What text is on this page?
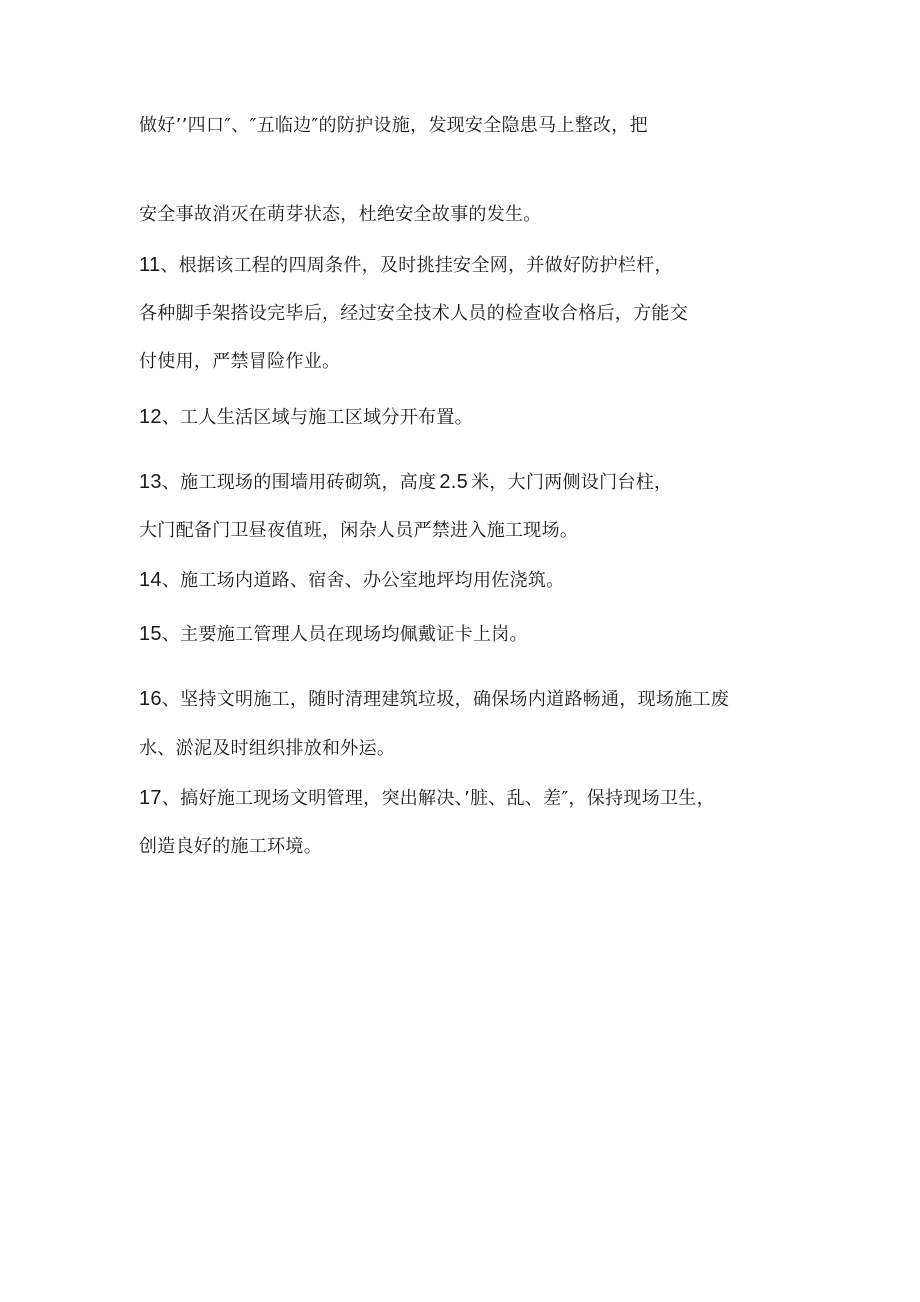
做好’’四口″、″五临边″的防护设施，发现安全隐患马上整改，把
安全事故消灭在萌芽状态，杜绝安全故事的发生。
11、根据该工程的四周条件，及时挑挂安全网，并做好防护栏杆，
各种脚手架搭设完毕后，经过安全技术人员的检查收合格后，方能交
付使用，严禁冒险作业。
12、工人生活区域与施工区域分开布置。
13、施工现场的围墙用砖砌筑，高度 2.5 米，大门两侧设门台柱，
大门配备门卫昼夜值班，闲杂人员严禁进入施工现场。
14、施工场内道路、宿舍、办公室地坪均用佐浇筑。
15、主要施工管理人员在现场均佩戴证卡上岗。
16、坚持文明施工，随时清理建筑垃圾，确保场内道路畅通，现场施工废
水、淤泥及时组织排放和外运。
17、搞好施工现场文明管理，突出解决、’脏、乱、差″，保持现场卫生，
创造良好的施工环境。
